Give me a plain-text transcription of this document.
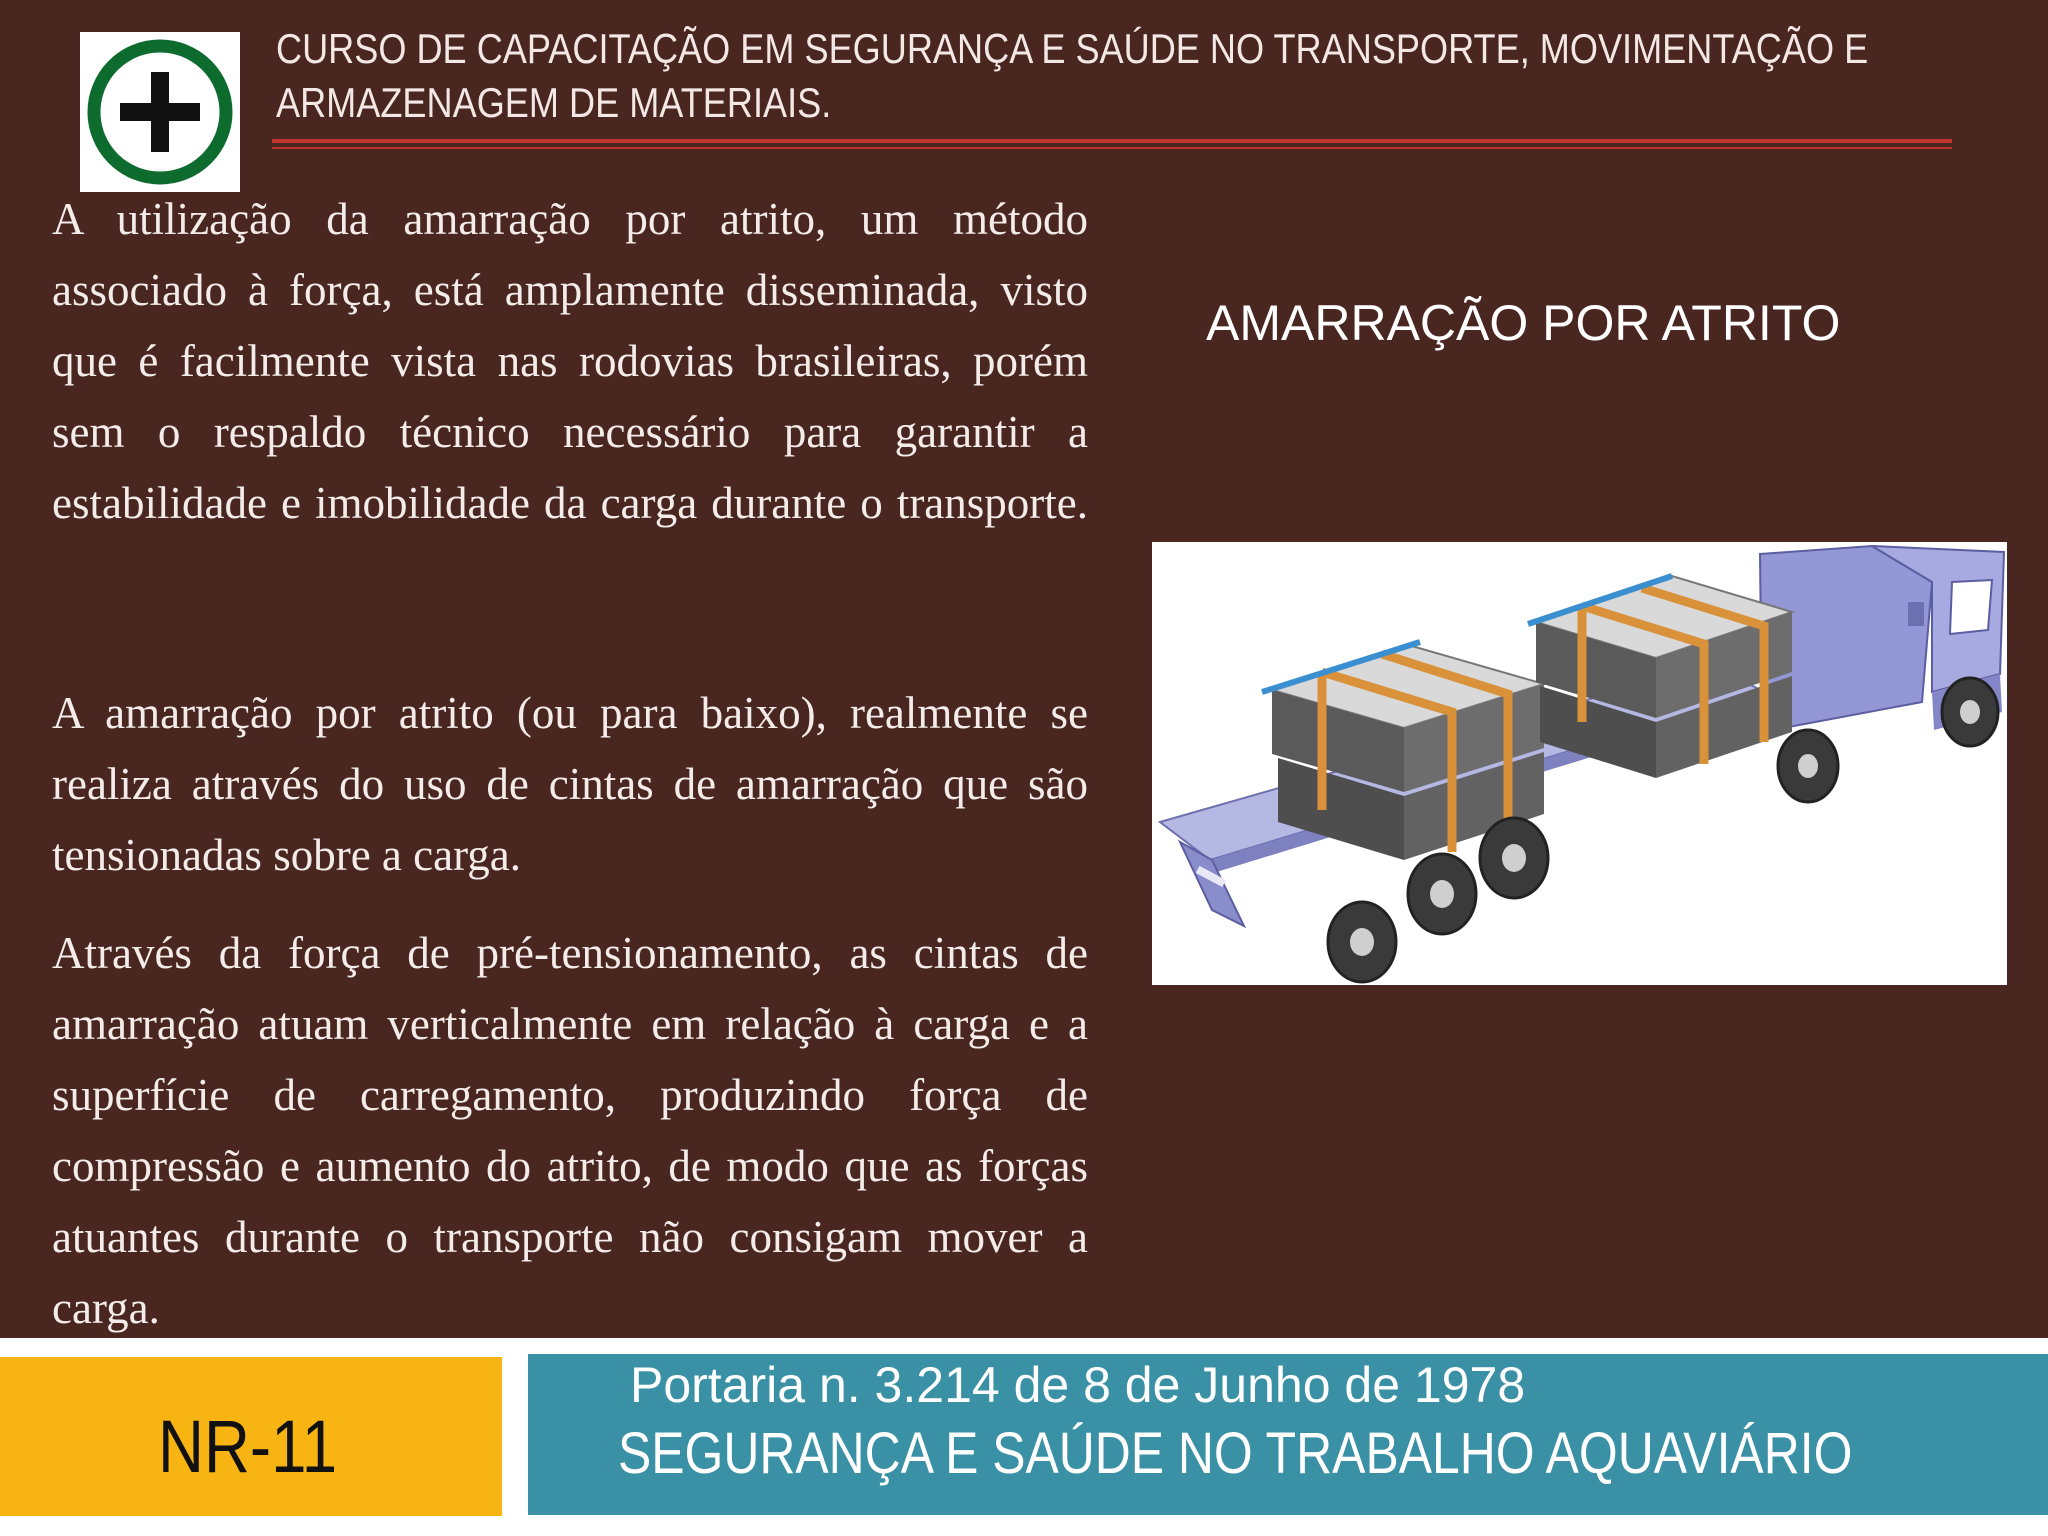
CURSO DE CAPACITAÇÃO EM SEGURANÇA E SAÚDE NO TRANSPORTE, MOVIMENTAÇÃO E
ARMAZENAGEM DE MATERIAIS.
A utilização da amarração por atrito, um método associado à força, está amplamente disseminada, visto que é facilmente vista nas rodovias brasileiras, porém sem o respaldo técnico necessário para garantir a estabilidade e imobilidade da carga durante o transporte.
A amarração por atrito (ou para baixo), realmente se realiza através do uso de cintas de amarração que são tensionadas sobre a carga.
Através da força de pré-tensionamento, as cintas de amarração atuam verticalmente em relação à carga e a superfície de carregamento, produzindo força de compressão e aumento do atrito, de modo que as forças atuantes durante o transporte não consigam mover a carga.
AMARRAÇÃO POR ATRITO
NR-11
Portaria n. 3.214 de 8 de Junho de 1978
SEGURANÇA E SAÚDE NO TRABALHO AQUAVIÁRIO
